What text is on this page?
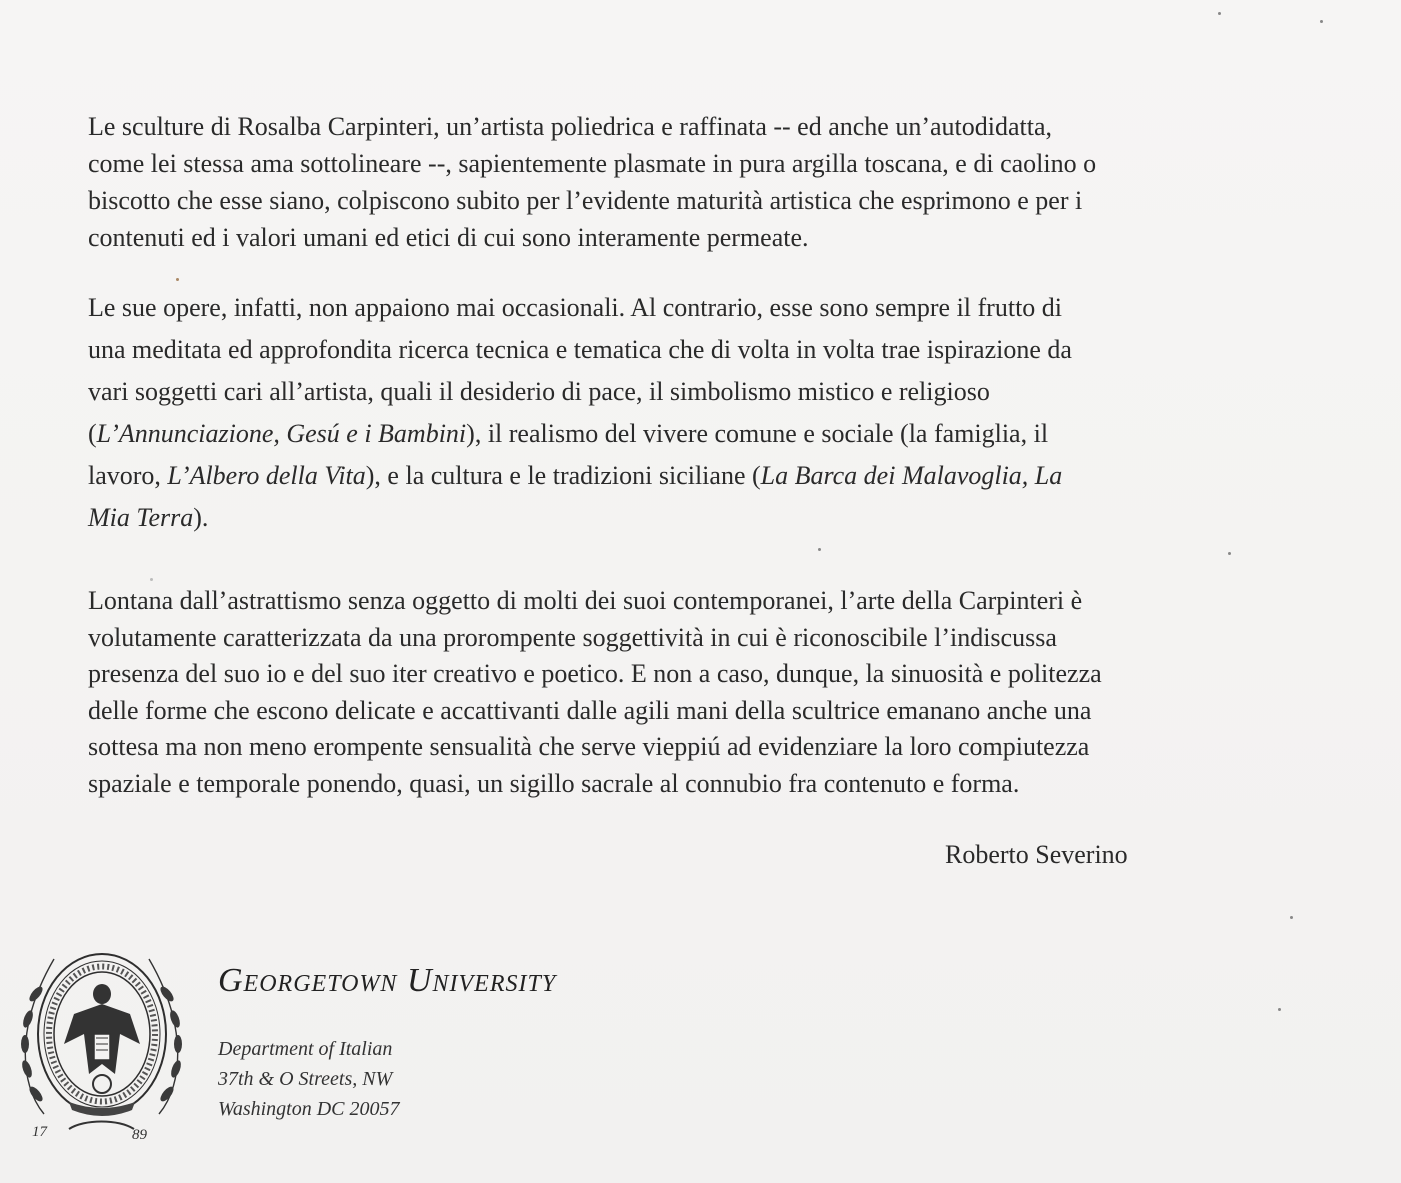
Le sculture di Rosalba Carpinteri, un’artista poliedrica e raffinata -- ed anche un’autodidatta,
come lei stessa ama sottolineare --, sapientemente plasmate in pura argilla toscana, e di caolino o
biscotto che esse siano, colpiscono subito per l’evidente maturità artistica che esprimono e per i
contenuti ed i valori umani ed etici di cui sono interamente permeate.
Le sue opere, infatti, non appaiono mai occasionali. Al contrario, esse sono sempre il frutto di
una meditata ed approfondita ricerca tecnica e tematica che di volta in volta trae ispirazione da
vari soggetti cari all’artista, quali il desiderio di pace, il simbolismo mistico e religioso
(L’Annunciazione, Gesú e i Bambini), il realismo del vivere comune e sociale (la famiglia, il
lavoro, L’Albero della Vita), e la cultura e le tradizioni siciliane (La Barca dei Malavoglia, La
Mia Terra).
Lontana dall’astrattismo senza oggetto di molti dei suoi contemporanei, l’arte della Carpinteri è
volutamente caratterizzata da una prorompente soggettività in cui è riconoscibile l’indiscussa
presenza del suo io e del suo iter creativo e poetico. E non a caso, dunque, la sinuosità e politezza
delle forme che escono delicate e accattivanti dalle agili mani della scultrice emanano anche una
sottesa ma non meno erompente sensualità che serve vieppiú ad evidenziare la loro compiutezza
spaziale e temporale ponendo, quasi, un sigillo sacrale al connubio fra contenuto e forma.
Roberto Severino
17	89
Georgetown University
Department of Italian
37th & O Streets, NW
Washington DC 20057
